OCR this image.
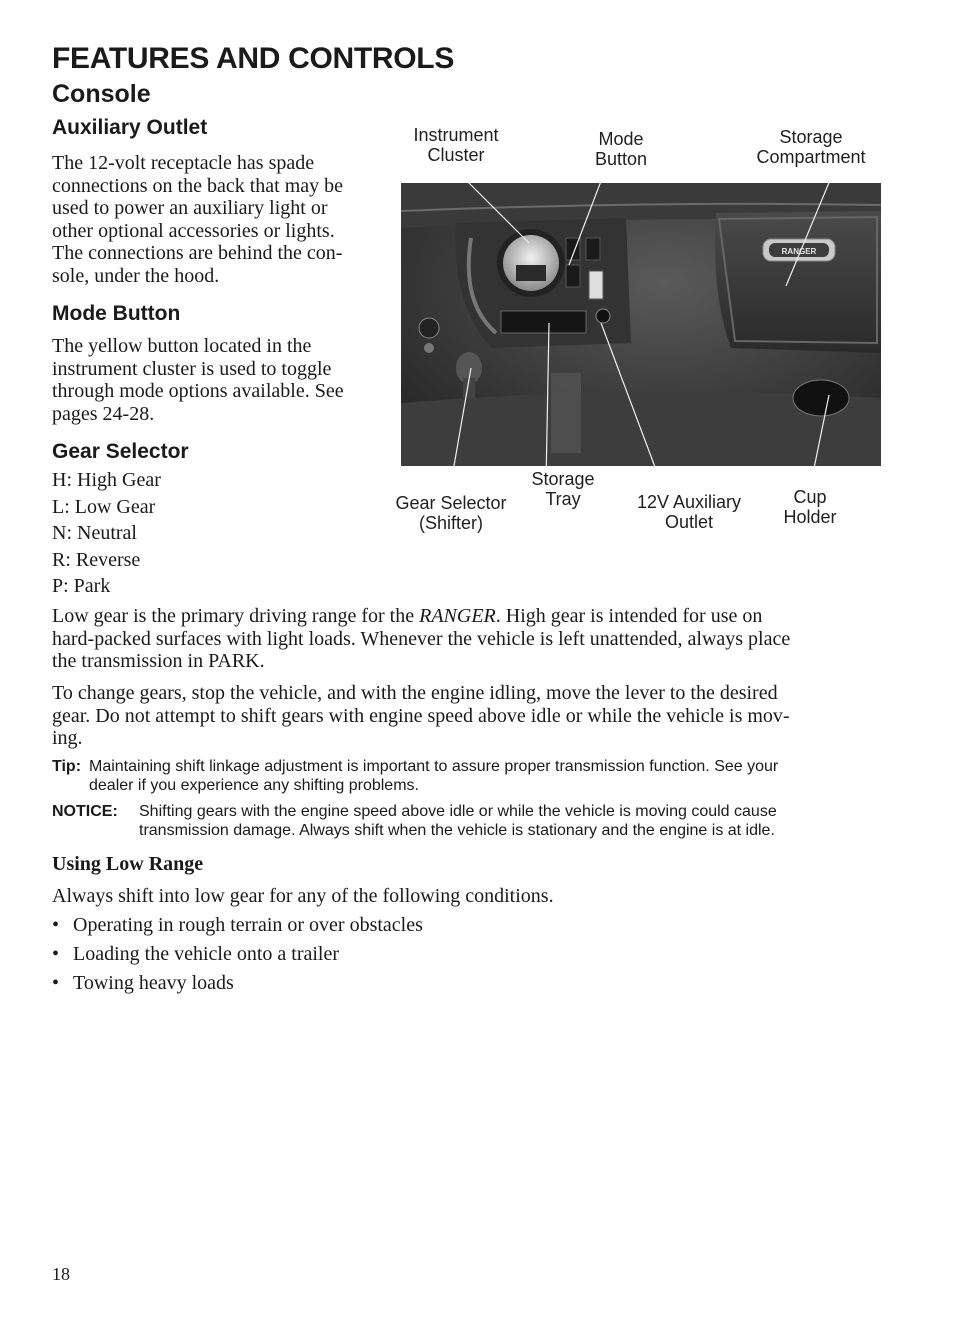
FEATURES AND CONTROLS
Console
Auxiliary Outlet
The 12-volt receptacle has spade
connections on the back that may be
used to power an auxiliary light or
other optional accessories or lights.
The connections are behind the con-
sole, under the hood.
Mode Button
The yellow button located in the
instrument cluster is used to toggle
through mode options available. See
pages 24-28.
Gear Selector
H: High Gear
L: Low Gear
N: Neutral
R: Reverse
P: Park
RANGER
Instrument
Cluster
Mode
Button
Storage
Compartment
Storage
Tray
Gear Selector
(Shifter)
12V Auxiliary
Outlet
Cup
Holder
Low gear is the primary driving range for the RANGER. High gear is intended for use on
hard-packed surfaces with light loads. Whenever the vehicle is left unattended, always place
the transmission in PARK.
To change gears, stop the vehicle, and with the engine idling, move the lever to the desired
gear. Do not attempt to shift gears with engine speed above idle or while the vehicle is mov-
ing.
Tip: Maintaining shift linkage adjustment is important to assure proper transmission function. See your
dealer if you experience any shifting problems.
NOTICE:	Shifting gears with the engine speed above idle or while the vehicle is moving could cause
transmission damage. Always shift when the vehicle is stationary and the engine is at idle.
Using Low Range
Always shift into low gear for any of the following conditions.
• Operating in rough terrain or over obstacles
• Loading the vehicle onto a trailer
• Towing heavy loads
18
